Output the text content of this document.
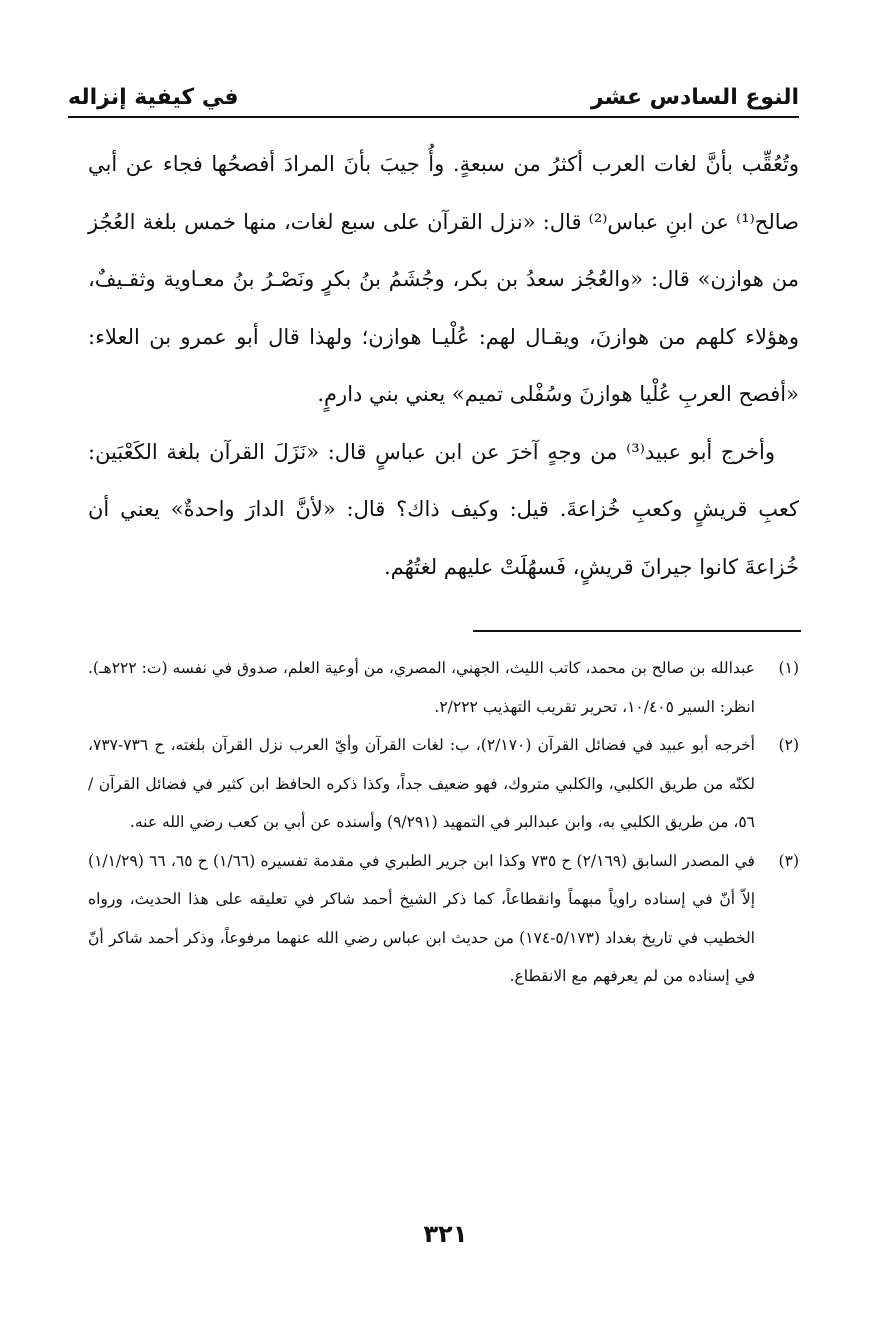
النوع السادس عشر
في كيفية إنزاله

وتُعُقِّب بأنَّ لغات العرب أكثرُ من سبعةٍ. وأُ جيبَ بأنَ المرادَ أفصحُها فجاء عن أبي صالح⁽¹⁾ عن ابنِ عباس⁽²⁾ قال: «نزل القرآن على سبع لغات، منها خمس بلغة العُجُز من هوازن» قال: «والعُجُز سعدُ بن بكر، وجُشَمُ بنُ بكرٍ ونَصْـرُ بنُ معـاوية وثقـيفٌ، وهؤلاء كلهم من هوازنَ، ويقـال لهم: عُلْيـا هوازن؛ ولهذا قال أبو عمرو بن العلاء: «أفصح العربِ عُلْيا هوازنَ وسُفْلى تميم» يعني بني دارمٍ.

وأخرج أبو عبيد⁽³⁾ من وجهٍ آخرَ عن ابن عباسٍ قال: «نَزَلَ القرآن بلغة الكَعْبَين: كعبِ قريشٍ وكعبِ خُزاعةَ. قيل: وكيف ذاك؟ قال: «لأنَّ الدارَ واحدةٌ» يعني أن خُزاعةَ كانوا جيرانَ قريشٍ، فَسهُلَتْ عليهم لغتُهُم.

(١)
عبدالله بن صالح بن محمد، كاتب الليث، الجهني، المصري، من أوعية العلم، صدوق في نفسه (ت: ٢٢٢هـ). انظر: السير ١٠/٤٠٥، تحرير تقريب التهذيب ٢/٢٢٢.
(٢)
أخرجه أبو عبيد في فضائل القرآن (٢/١٧٠)، ب: لغات القرآن وأيّ العرب نزل القرآن بلغته، ح ٧٣٦-٧٣٧، لكنّه من طريق الكلبي، والكلبي متروك، فهو ضعيف جداً، وكذا ذكره الحافظ ابن كثير في فضائل القرآن /٥٦، من طريق الكلبي به، وابن عبدالبر في التمهيد (٩/٢٩١) وأسنده عن أبي بن كعب رضي الله عنه.
(٣)
في المصدر السابق (٢/١٦٩) ح ٧٣٥ وكذا ابن جرير الطبري في مقدمة تفسيره (١/٦٦) ح ٦٥، ٦٦ (١/١/٢٩) إلاّ أنّ في إسناده راوياً مبهماً وانقطاعاً، كما ذكر الشيخ أحمد شاكر في تعليقه على هذا الحديث، ورواه الخطيب في تاريخ بغداد (٥/١٧٣-١٧٤) من حديث ابن عباس رضي الله عنهما مرفوعاً، وذكر أحمد شاكر أنّ في إسناده من لم يعرفهم مع الانقطاع.
٣٢١
